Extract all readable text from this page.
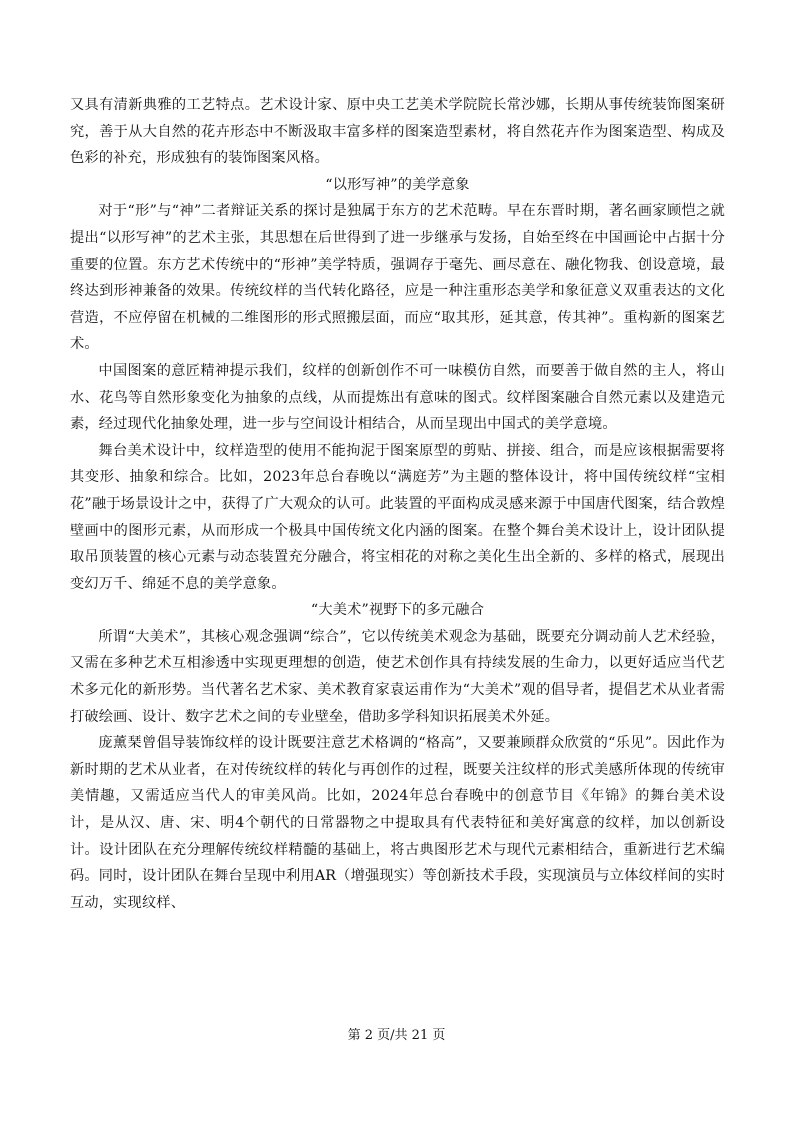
又具有清新典雅的工艺特点。艺术设计家、原中央工艺美术学院院长常沙娜，长期从事传统装饰图案研究，善于从大自然的花卉形态中不断汲取丰富多样的图案造型素材，将自然花卉作为图案造型、构成及色彩的补充，形成独有的装饰图案风格。

“以形写神”的美学意象

对于“形”与“神”二者辩证关系的探讨是独属于东方的艺术范畴。早在东晋时期，著名画家顾恺之就提出“以形写神”的艺术主张，其思想在后世得到了进一步继承与发扬，自始至终在中国画论中占据十分重要的位置。东方艺术传统中的“形神”美学特质，强调存于毫先、画尽意在、融化物我、创设意境，最终达到形神兼备的效果。传统纹样的当代转化路径，应是一种注重形态美学和象征意义双重表达的文化营造，不应停留在机械的二维图形的形式照搬层面，而应“取其形，延其意，传其神”。重构新的图案艺术。

中国图案的意匠精神提示我们，纹样的创新创作不可一味模仿自然，而要善于做自然的主人，将山水、花鸟等自然形象变化为抽象的点线，从而提炼出有意味的图式。纹样图案融合自然元素以及建造元素，经过现代化抽象处理，进一步与空间设计相结合，从而呈现出中国式的美学意境。

舞台美术设计中，纹样造型的使用不能拘泥于图案原型的剪贴、拼接、组合，而是应该根据需要将其变形、抽象和综合。比如，2023年总台春晚以“满庭芳”为主题的整体设计，将中国传统纹样“宝相花”融于场景设计之中，获得了广大观众的认可。此装置的平面构成灵感来源于中国唐代图案，结合敦煌壁画中的图形元素，从而形成一个极具中国传统文化内涵的图案。在整个舞台美术设计上，设计团队提取吊顶装置的核心元素与动态装置充分融合，将宝相花的对称之美化生出全新的、多样的格式，展现出变幻万千、绵延不息的美学意象。

“大美术”视野下的多元融合

所谓“大美术”，其核心观念强调“综合”，它以传统美术观念为基础，既要充分调动前人艺术经验，又需在多种艺术互相渗透中实现更理想的创造，使艺术创作具有持续发展的生命力，以更好适应当代艺术多元化的新形势。当代著名艺术家、美术教育家袁运甫作为“大美术”观的倡导者，提倡艺术从业者需打破绘画、设计、数字艺术之间的专业壁垒，借助多学科知识拓展美术外延。

庞薰琹曾倡导装饰纹样的设计既要注意艺术格调的“格高”，又要兼顾群众欣赏的“乐见”。因此作为新时期的艺术从业者，在对传统纹样的转化与再创作的过程，既要关注纹样的形式美感所体现的传统审美情趣，又需适应当代人的审美风尚。比如，2024年总台春晚中的创意节目《年锦》的舞台美术设计，是从汉、唐、宋、明4个朝代的日常器物之中提取具有代表特征和美好寓意的纹样，加以创新设计。设计团队在充分理解传统纹样精髓的基础上，将古典图形艺术与现代元素相结合，重新进行艺术编码。同时，设计团队在舞台呈现中利用AR（增强现实）等创新技术手段，实现演员与立体纹样间的实时互动，实现纹样、

第 2 页/共 21 页
